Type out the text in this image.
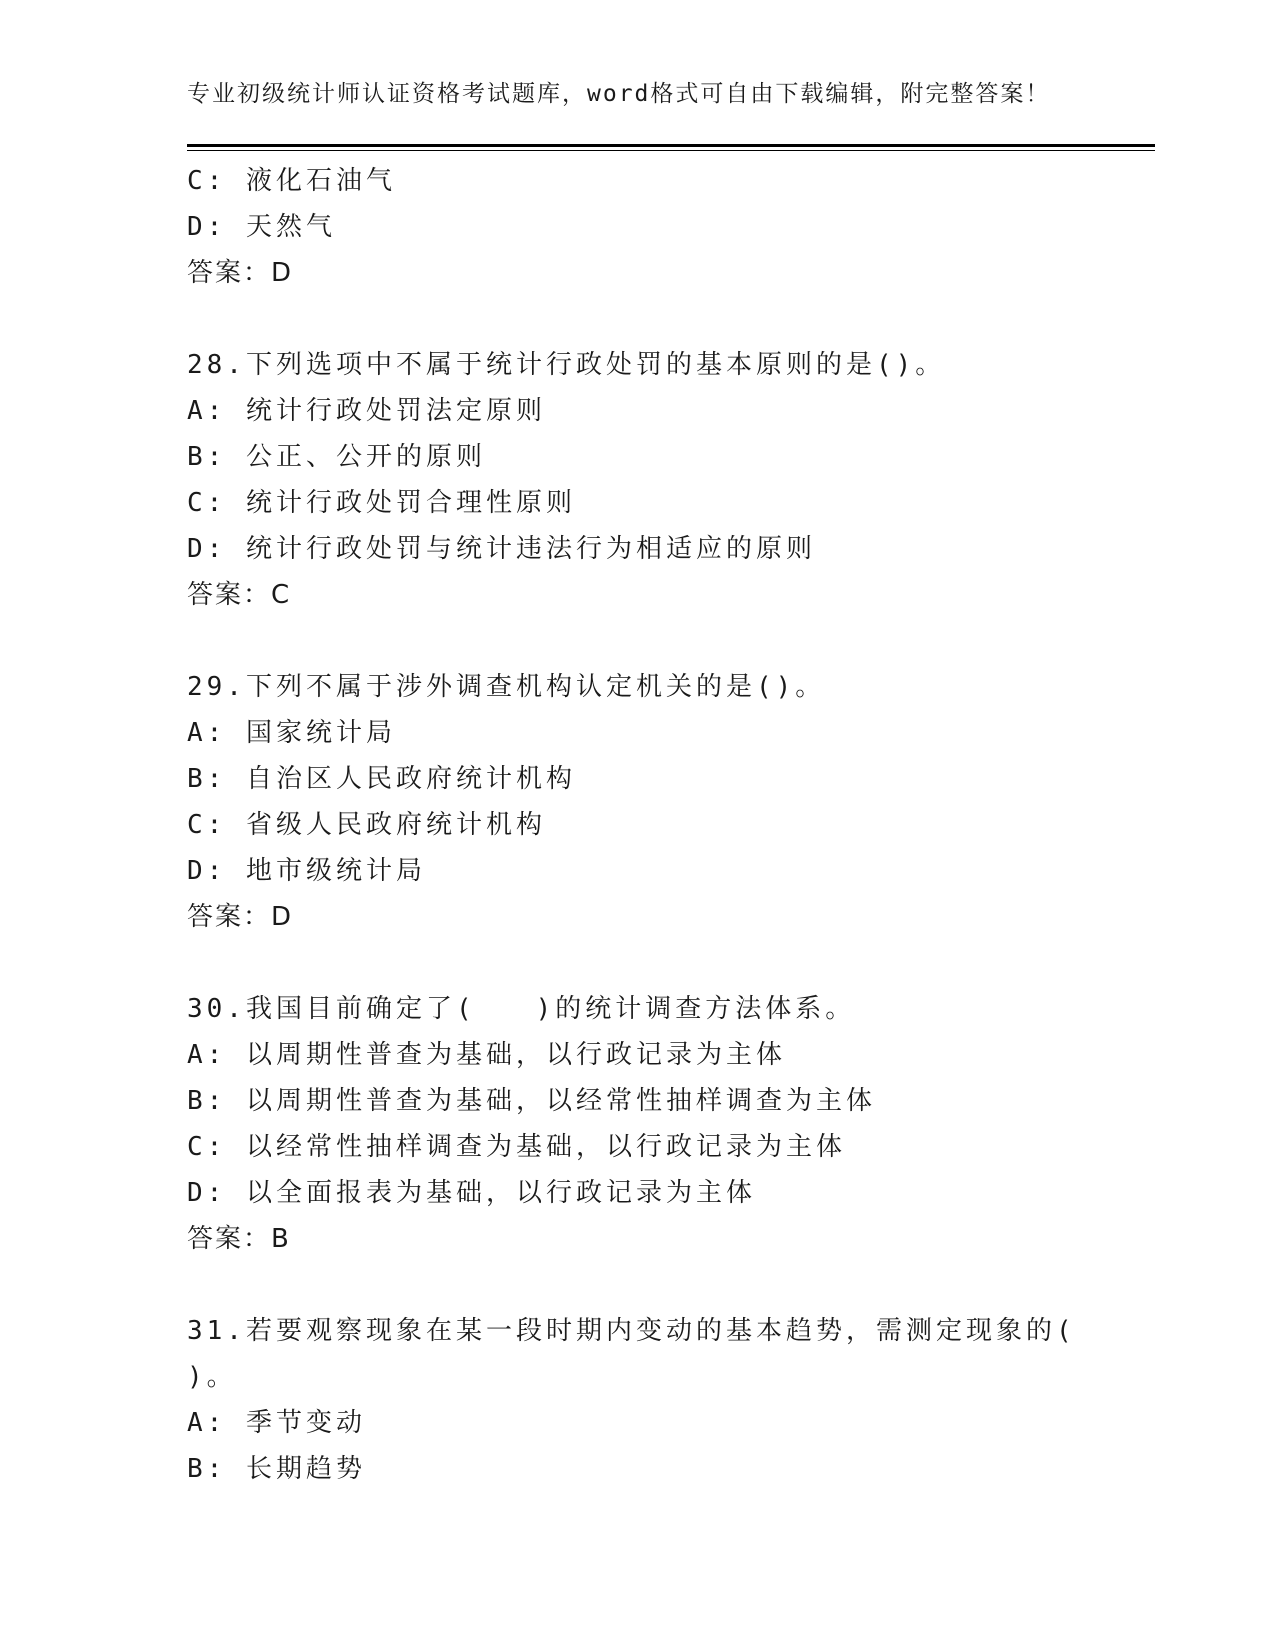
专业初级统计师认证资格考试题库，word格式可自由下载编辑，附完整答案！
C: 液化石油气
D: 天然气
答案：D
28.下列选项中不属于统计行政处罚的基本原则的是()。
A: 统计行政处罚法定原则
B: 公正、公开的原则
C: 统计行政处罚合理性原则
D: 统计行政处罚与统计违法行为相适应的原则
答案：C
29.下列不属于涉外调查机构认定机关的是()。
A: 国家统计局
B: 自治区人民政府统计机构
C: 省级人民政府统计机构
D: 地市级统计局
答案：D
30.我国目前确定了(　　)的统计调查方法体系。
A: 以周期性普查为基础，以行政记录为主体
B: 以周期性普查为基础，以经常性抽样调查为主体
C: 以经常性抽样调查为基础，以行政记录为主体
D: 以全面报表为基础，以行政记录为主体
答案：B
31.若要观察现象在某一段时期内变动的基本趋势，需测定现象的(
)。
A: 季节变动
B: 长期趋势
